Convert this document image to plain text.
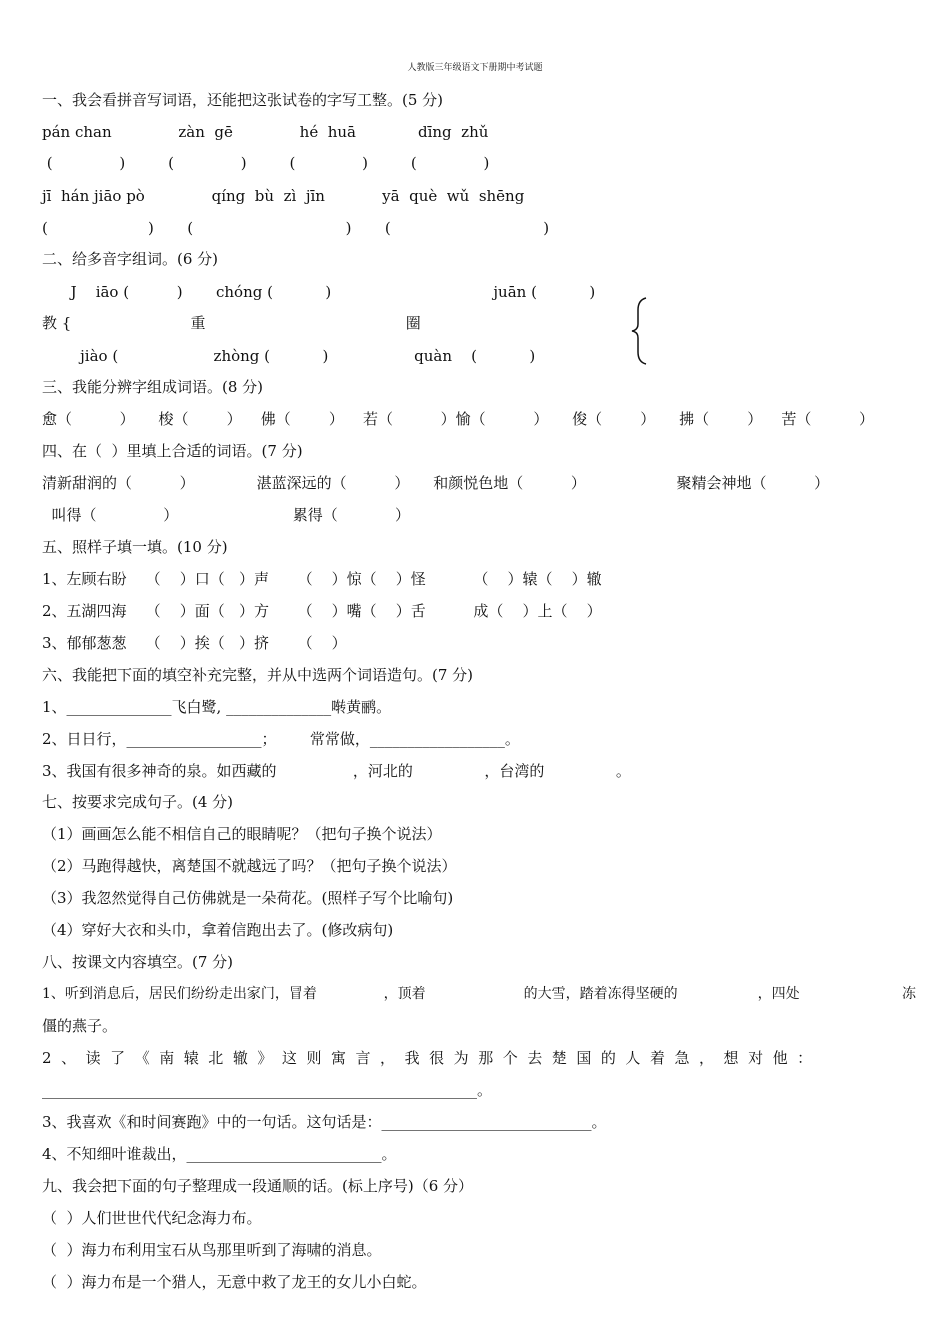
人教版三年级语文下册期中考试题
一、我会看拼音写词语，还能把这张试卷的字写工整。(5 分)
pán chan              zàn  gē              hé  huā             dīng  zhǔ
(              )         (              )         (              )         (              )
jī  hán jiāo pò              qíng  bù  zì  jīn            yā  què  wǔ  shēng
(                     )       (                                )       (                                )
二、给多音字组词。(6 分)
J    iāo (          )       chóng (           )                                  juān (           )
教 {                         重                                          圈
jiào (                    zhòng (           )                  quàn    (           )
三、我能分辨字组成词语。(8 分)
愈（          ）     梭（        ）    佛（        ）    若（          ）愉（          ）     俊（        ）     拂（        ）    苦（          ）
四、在（  ）里填上合适的词语。(7 分)
清新甜润的（          ）             湛蓝深远的（          ）     和颜悦色地（          ）                   聚精会神地（          ）
叫得（              ）                        累得（            ）
五、照样子填一填。(10 分)
1、左顾右盼    （    ）口（   ）声      （    ）惊（    ）怪          （    ）辕（    ）辙
2、五湖四海    （    ）面（   ）方      （    ）嘴（    ）舌          成（    ）上（    ）
3、郁郁葱葱    （    ）挨（   ）挤      （    ）
六、我能把下面的填空补充完整，并从中选两个词语造句。(7 分)
1、______________飞白鹭, ______________啭黄鹂。
2、日日行，__________________；       常常做，__________________。
3、我国有很多神奇的泉。如西藏的                ，河北的               ，台湾的               。
七、按要求完成句子。(4 分)
（1）画画怎么能不相信自己的眼睛呢？（把句子换个说法）
（2）马跑得越快，离楚国不就越远了吗？（把句子换个说法）
（3）我忽然觉得自己仿佛就是一朵荷花。(照样子写个比喻句)
（4）穿好大衣和头巾，拿着信跑出去了。(修改病句)
八、按课文内容填空。(7 分)
1、听到消息后，居民们纷纷走出家门，冒着               ，顶着                      的大雪，踏着冻得坚硬的                  ，四处                       冻
僵的燕子。
2  、  读  了  《  南  辕  北  辙  》  这  则  寓  言  ，  我  很  为  那  个  去  楚  国  的  人  着  急  ，  想  对  他  ：
__________________________________________________________。
3、我喜欢《和时间赛跑》中的一句话。这句话是：____________________________。
4、不知细叶谁裁出，__________________________。
九、我会把下面的句子整理成一段通顺的话。(标上序号)（6 分）
（  ）人们世世代代纪念海力布。
（  ）海力布利用宝石从鸟那里听到了海啸的消息。
（  ）海力布是一个猎人，无意中救了龙王的女儿小白蛇。
